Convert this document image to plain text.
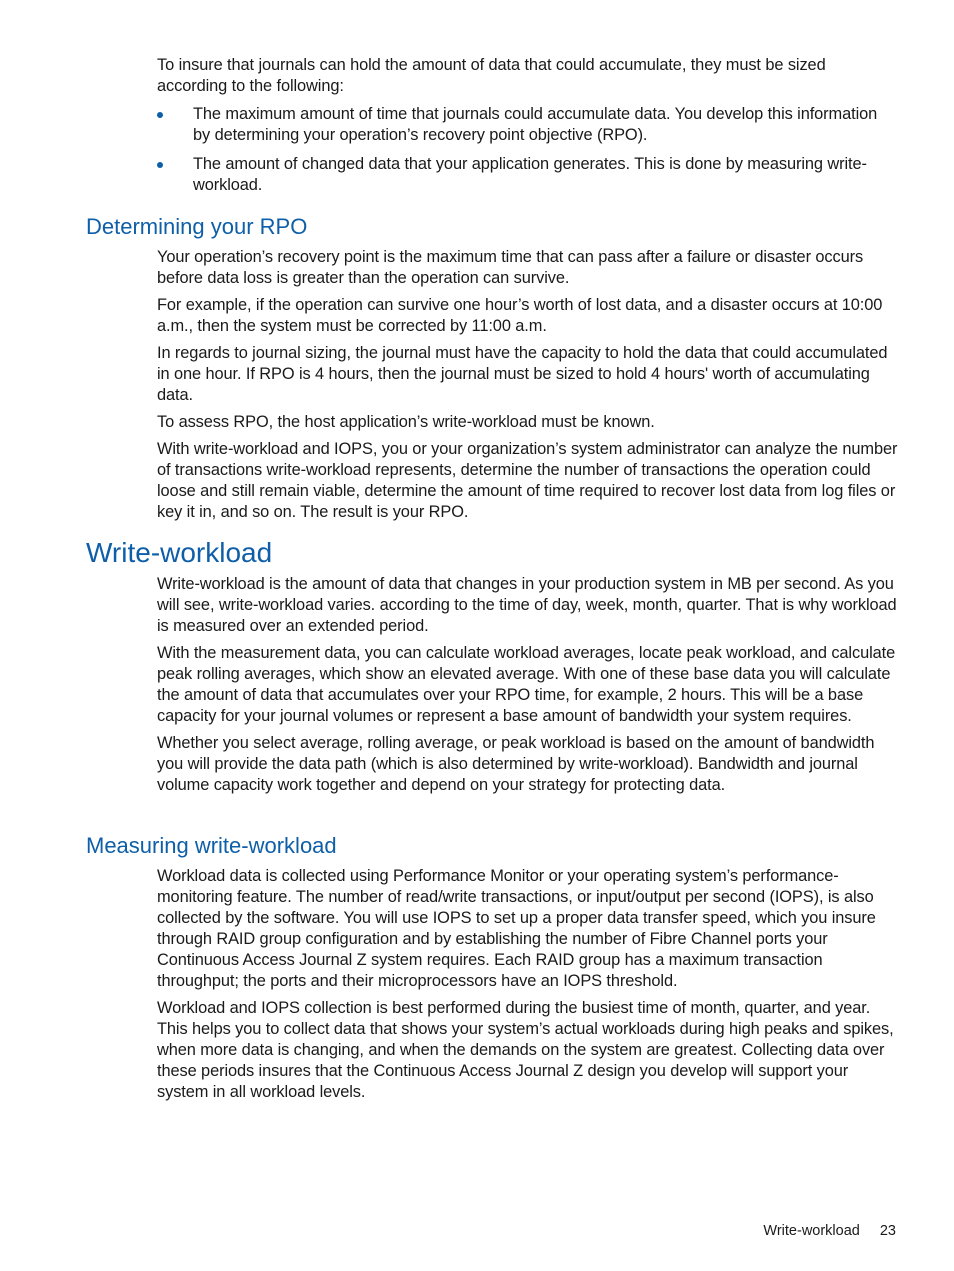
To insure that journals can hold the amount of data that could accumulate, they must be sized according to the following:

The maximum amount of time that journals could accumulate data. You develop this information by determining your operation’s recovery point objective (RPO).
The amount of changed data that your application generates. This is done by measuring write-workload.
Determining your RPO

Your operation’s recovery point is the maximum time that can pass after a failure or disaster occurs before data loss is greater than the operation can survive.

For example, if the operation can survive one hour’s worth of lost data, and a disaster occurs at 10:00 a.m., then the system must be corrected by 11:00 a.m.

In regards to journal sizing, the journal must have the capacity to hold the data that could accumulated in one hour. If RPO is 4 hours, then the journal must be sized to hold 4 hours' worth of accumulating data.

To assess RPO, the host application’s write-workload must be known.

With write-workload and IOPS, you or your organization’s system administrator can analyze the number of transactions write-workload represents, determine the number of transactions the operation could loose and still remain viable, determine the amount of time required to recover lost data from log files or key it in, and so on. The result is your RPO.

Write-workload

Write-workload is the amount of data that changes in your production system in MB per second. As you will see, write-workload varies. according to the time of day, week, month, quarter. That is why workload is measured over an extended period.

With the measurement data, you can calculate workload averages, locate peak workload, and calculate peak rolling averages, which show an elevated average. With one of these base data you will calculate the amount of data that accumulates over your RPO time, for example, 2 hours. This will be a base capacity for your journal volumes or represent a base amount of bandwidth your system requires.

Whether you select average, rolling average, or peak workload is based on the amount of bandwidth you will provide the data path (which is also determined by write-workload). Bandwidth and journal volume capacity work together and depend on your strategy for protecting data.

Measuring write-workload

Workload data is collected using Performance Monitor or your operating system’s performance-monitoring feature. The number of read/write transactions, or input/output per second (IOPS), is also collected by the software. You will use IOPS to set up a proper data transfer speed, which you insure through RAID group configuration and by establishing the number of Fibre Channel ports your Continuous Access Journal Z system requires. Each RAID group has a maximum transaction throughput; the ports and their microprocessors have an IOPS threshold.

Workload and IOPS collection is best performed during the busiest time of month, quarter, and year. This helps you to collect data that shows your system’s actual workloads during high peaks and spikes, when more data is changing, and when the demands on the system are greatest. Collecting data over these periods insures that the Continuous Access Journal Z design you develop will support your system in all workload levels.

Write-workload 23
